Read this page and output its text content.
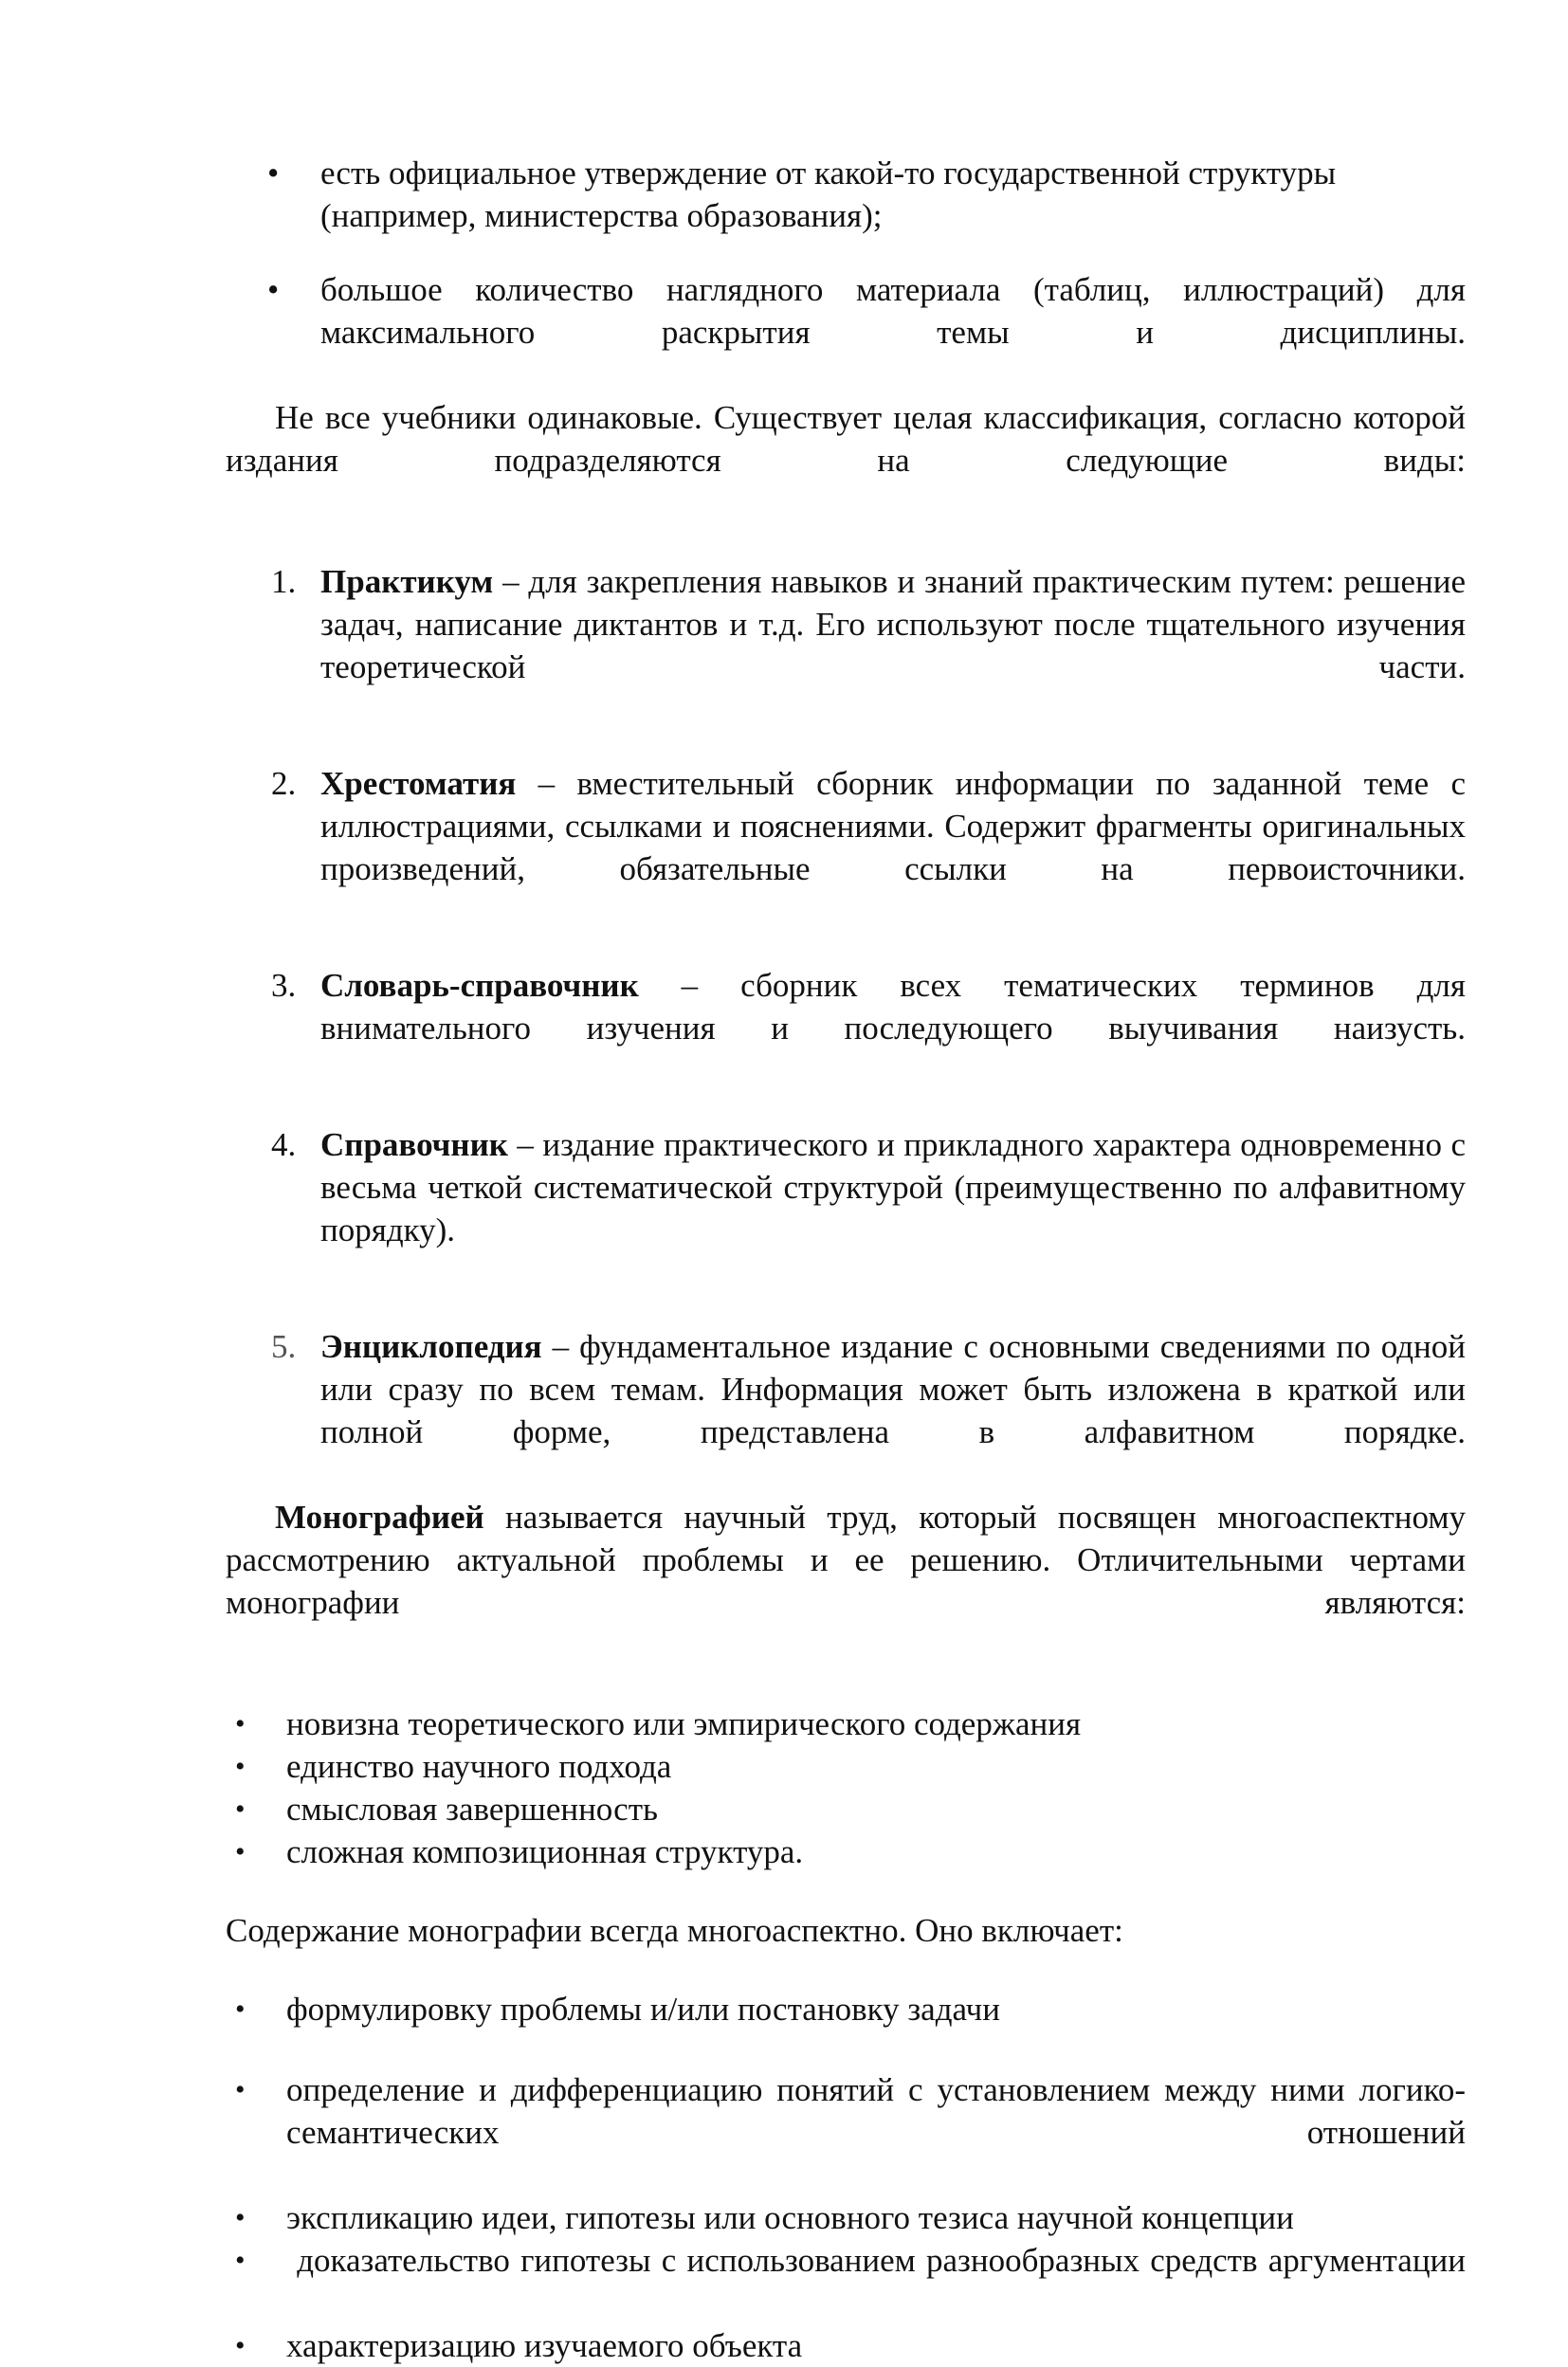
• есть официальное утверждение от какой-то государственной структуры (например, министерства образования);
• большое количество наглядного материала (таблиц, иллюстраций) для максимального раскрытия темы и дисциплины.

Не все учебники одинаковые. Существует целая классификация, согласно которой издания подразделяются на следующие виды:

1. Практикум – для закрепления навыков и знаний практическим путем: решение задач, написание диктантов и т.д. Его используют после тщательного изучения теоретической части.
2. Хрестоматия – вместительный сборник информации по заданной теме с иллюстрациями, ссылками и пояснениями. Содержит фрагменты оригинальных произведений, обязательные ссылки на первоисточники.
3. Словарь-справочник – сборник всех тематических терминов для внимательного изучения и последующего выучивания наизусть.
4. Справочник – издание практического и прикладного характера одновременно с весьма четкой систематической структурой (преимущественно по алфавитному порядку).
5. Энциклопедия – фундаментальное издание с основными сведениями по одной или сразу по всем темам. Информация может быть изложена в краткой или полной форме, представлена в алфавитном порядке.

Монографией называется научный труд, который посвящен многоаспектному рассмотрению актуальной проблемы и ее решению. Отличительными чертами монографии являются:

• новизна теоретического или эмпирического содержания
• единство научного подхода
• смысловая завершенность
• сложная композиционная структура.

Содержание монографии всегда многоаспектно. Оно включает:

• формулировку проблемы и/или постановку задачи
• определение и дифференциацию понятий с установлением между ними логико-семантических отношений
• экспликацию идеи, гипотезы или основного тезиса научной концепции
• доказательство гипотезы с использованием разнообразных средств аргументации
• характеризацию изучаемого объекта
